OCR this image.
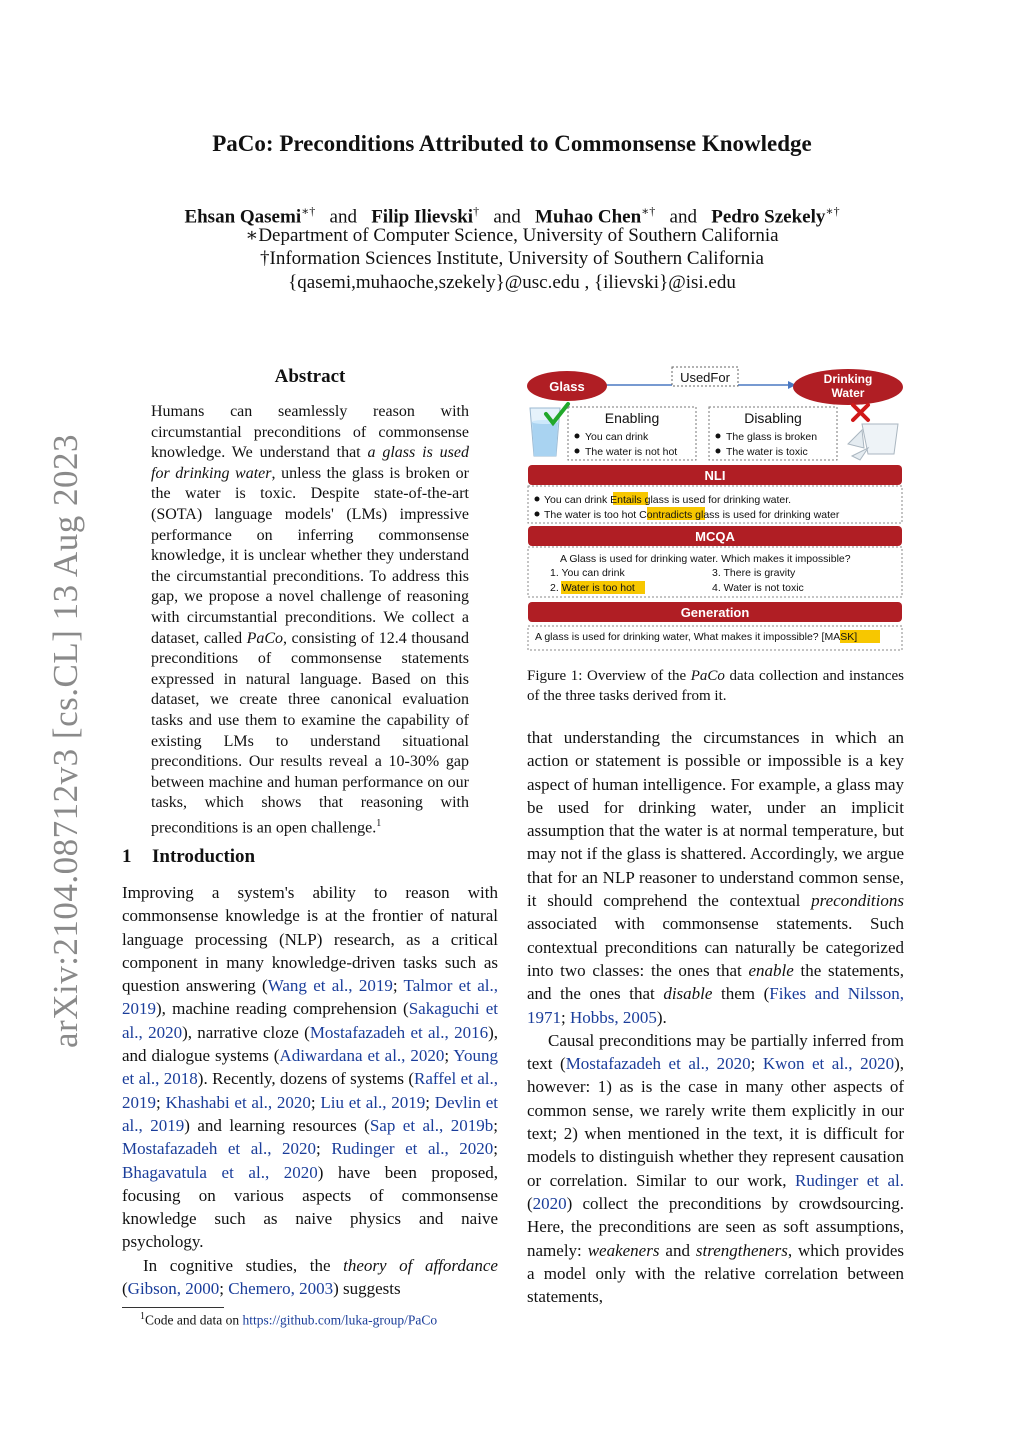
arXiv:2104.08712v3 [cs.CL] 13 Aug 2023
PaCo: Preconditions Attributed to Commonsense Knowledge
Ehsan Qasemi∗† and Filip Ilievski† and Muhao Chen∗† and Pedro Szekely∗†
∗Department of Computer Science, University of Southern California
†Information Sciences Institute, University of Southern California
{qasemi,muhaoche,szekely}@usc.edu , {ilievski}@isi.edu
Abstract
Humans can seamlessly reason with circumstantial preconditions of commonsense knowledge. We understand that a glass is used for drinking water, unless the glass is broken or the water is toxic. Despite state-of-the-art (SOTA) language models' (LMs) impressive performance on inferring commonsense knowledge, it is unclear whether they understand the circumstantial preconditions. To address this gap, we propose a novel challenge of reasoning with circumstantial preconditions. We collect a dataset, called PaCo, consisting of 12.4 thousand preconditions of commonsense statements expressed in natural language. Based on this dataset, we create three canonical evaluation tasks and use them to examine the capability of existing LMs to understand situational preconditions. Our results reveal a 10-30% gap between machine and human performance on our tasks, which shows that reasoning with preconditions is an open challenge.$^1$
1 Introduction

Improving a system's ability to reason with commonsense knowledge is at the frontier of natural language processing (NLP) research, as a critical component in many knowledge-driven tasks such as question answering (Wang et al., 2019; Talmor et al., 2019), machine reading comprehension (Sakaguchi et al., 2020), narrative cloze (Mostafazadeh et al., 2016), and dialogue systems (Adiwardana et al., 2020; Young et al., 2018). Recently, dozens of systems (Raffel et al., 2019; Khashabi et al., 2020; Liu et al., 2019; Devlin et al., 2019) and learning resources (Sap et al., 2019b; Mostafazadeh et al., 2020; Rudinger et al., 2020; Bhagavatula et al., 2020) have been proposed, focusing on various aspects of commonsense knowledge such as naive physics and naive psychology.

In cognitive studies, the theory of affordance (Gibson, 2000; Chemero, 2003) suggests

$^1$Code and data on https://github.com/luka-group/PaCo
UsedFor
Glass	Drinking
Water
Enabling
You can drink
The water is not hot
Disabling
The glass is broken
The water is toxic
NLI
You can drink Entails glass is used for drinking water.
The water is too hot Contradicts glass is used for drinking water
MCQA
A Glass is used for drinking water. Which makes it impossible?
1. You can drink
2. Water is too hot
3. There is gravity
4. Water is not toxic
Generation
A glass is used for drinking water, What makes it impossible? [MASK]
Figure 1: Overview of the PaCo data collection and instances of the three tasks derived from it.

that understanding the circumstances in which an action or statement is possible or impossible is a key aspect of human intelligence. For example, a glass may be used for drinking water, under an implicit assumption that the water is at normal temperature, but may not if the glass is shattered. Accordingly, we argue that for an NLP reasoner to understand common sense, it should comprehend the contextual preconditions associated with commonsense statements. Such contextual preconditions can naturally be categorized into two classes: the ones that enable the statements, and the ones that disable them (Fikes and Nilsson, 1971; Hobbs, 2005).

Causal preconditions may be partially inferred from text (Mostafazadeh et al., 2020; Kwon et al., 2020), however: 1) as is the case in many other aspects of common sense, we rarely write them explicitly in our text; 2) when mentioned in the text, it is difficult for models to distinguish whether they represent causation or correlation. Similar to our work, Rudinger et al. (2020) collect the preconditions by crowdsourcing. Here, the preconditions are seen as soft assumptions, namely: weakeners and strengtheners, which provides a model only with the relative correlation between statements,
